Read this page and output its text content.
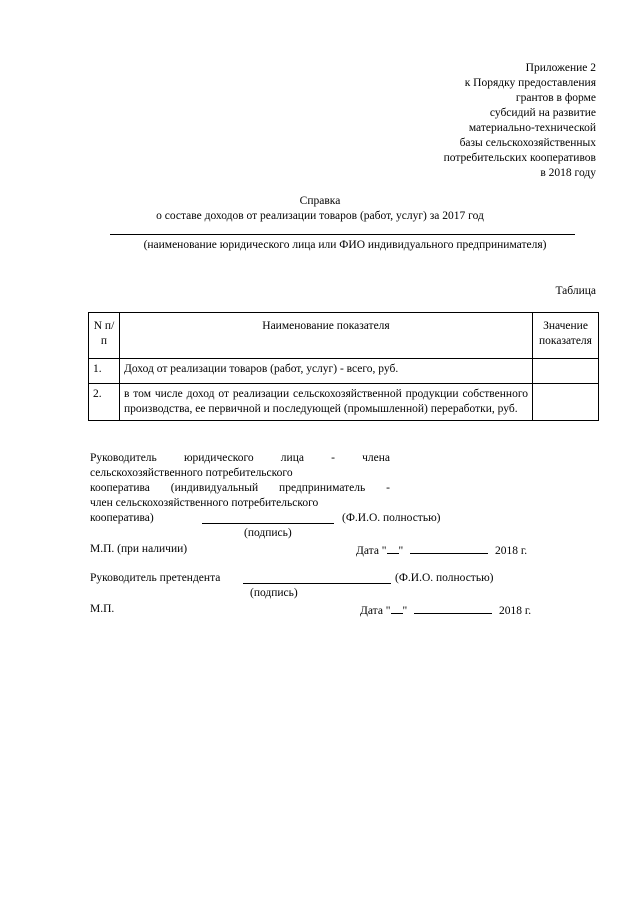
Приложение 2
к Порядку предоставления
грантов в форме
субсидий на развитие
материально-технической
базы сельскохозяйственных
потребительских кооперативов
в 2018 году
Справка
о составе доходов от реализации товаров (работ, услуг) за 2017 год
(наименование юридического лица или ФИО индивидуального предпринимателя)
Таблица
N п/п	Наименование показателя	Значение показателя
1.	Доход от реализации товаров (работ, услуг) - всего, руб.	
2.	в том числе доход от реализации сельскохозяйственной продукции собственного производства, ее первичной и последующей (промышленной) переработки, руб.	
Руководитель юридического лица - члена
сельскохозяйственного потребительского
кооператива (индивидуальный предприниматель -
член сельскохозяйственного потребительского
кооператива)	(Ф.И.О. полностью)
(подпись)
М.П. (при наличии)	Дата " "	2018 г.
Руководитель претендента	(Ф.И.О. полностью)
(подпись)
М.П.	Дата " "	2018 г.
